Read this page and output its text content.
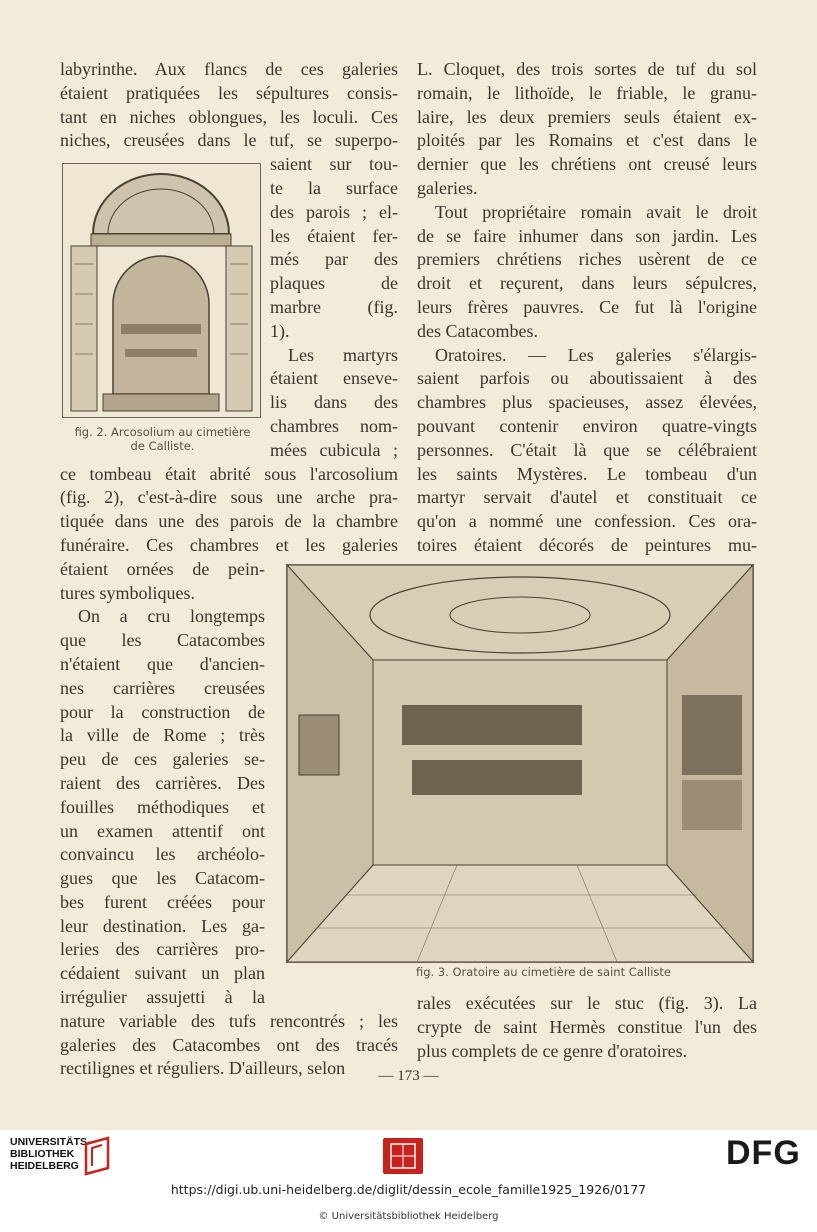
fig. 2. Arcosolium au cimetière
de Calliste.
fig. 3. Oratoire au cimetière de saint Calliste
labyrinthe. Aux flancs de ces galeries
étaient pratiquées les sépultures consis-
tant en niches oblongues, les loculi. Ces
niches, creusées dans le tuf, se superpo-
saient sur tou-
te la surface
des parois ; el-
les étaient fer-
més par des
plaques de
marbre (fig.
1).
Les martyrs
étaient enseve-
lis dans des
chambres nom-
mées cubicula ;
ce tombeau était abrité sous l'arcosolium
(fig. 2), c'est-à-dire sous une arche pra-
tiquée dans une des parois de la chambre
funéraire. Ces chambres et les galeries
étaient ornées de pein-
tures symboliques.
On a cru longtemps
que les Catacombes
n'étaient que d'ancien-
nes carrières creusées
pour la construction de
la ville de Rome ; très
peu de ces galeries se-
raient des carrières. Des
fouilles méthodiques et
un examen attentif ont
convaincu les archéolo-
gues que les Catacom-
bes furent créées pour
leur destination. Les ga-
leries des carrières pro-
cédaient suivant un plan
irrégulier assujetti à la
nature variable des tufs rencontrés ; les
galeries des Catacombes ont des tracés
rectilignes et réguliers. D'ailleurs, selon
L. Cloquet, des trois sortes de tuf du sol
romain, le lithoïde, le friable, le granu-
laire, les deux premiers seuls étaient ex-
ploités par les Romains et c'est dans le
dernier que les chrétiens ont creusé leurs
galeries.
Tout propriétaire romain avait le droit
de se faire inhumer dans son jardin. Les
premiers chrétiens riches usèrent de ce
droit et reçurent, dans leurs sépulcres,
leurs frères pauvres. Ce fut là l'origine
des Catacombes.
Oratoires. — Les galeries s'élargis-
saient parfois ou aboutissaient à des
chambres plus spacieuses, assez élevées,
pouvant contenir environ quatre-vingts
personnes. C'était là que se célébraient
les saints Mystères. Le tombeau d'un
martyr servait d'autel et constituait ce
qu'on a nommé une confession. Ces ora-
toires étaient décorés de peintures mu-
rales exécutées sur le stuc (fig. 3). La
crypte de saint Hermès constitue l'un des
plus complets de ce genre d'oratoires.
— 173 —
UNIVERSITÄTS-
BIBLIOTHEK
HEIDELBERG	DFG
https://digi.ub.uni-heidelberg.de/diglit/dessin_ecole_famille1925_1926/0177
© Universitätsbibliothek Heidelberg
